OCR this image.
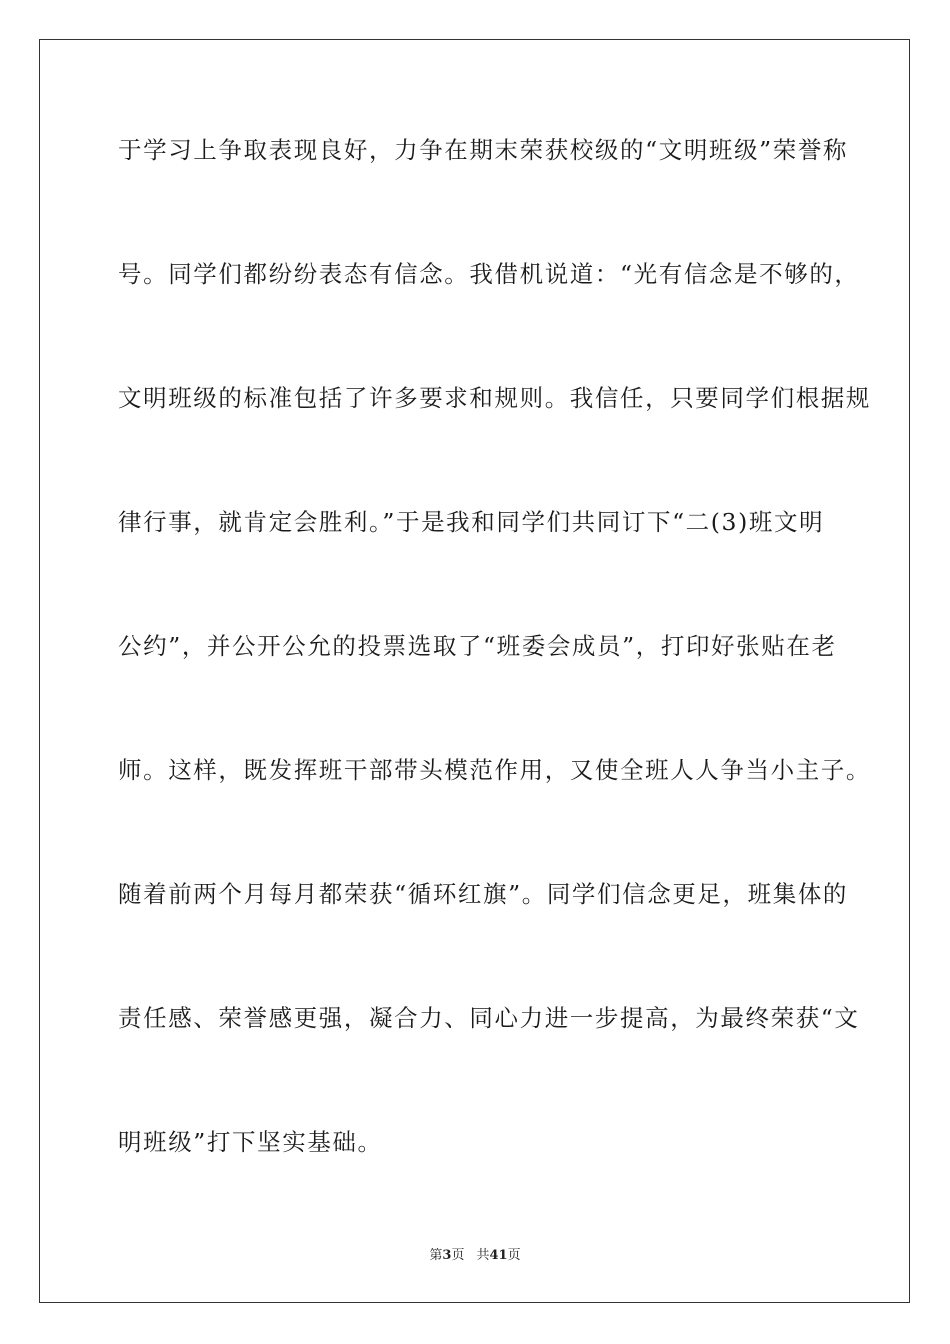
于学习上争取表现良好，力争在期末荣获校级的“文明班级”荣誉称
号。同学们都纷纷表态有信念。我借机说道：“光有信念是不够的，
文明班级的标准包括了许多要求和规则。我信任，只要同学们根据规
律行事，就肯定会胜利。”于是我和同学们共同订下“二(3)班文明
公约”，并公开公允的投票选取了“班委会成员”，打印好张贴在老
师。这样，既发挥班干部带头模范作用，又使全班人人争当小主子。
随着前两个月每月都荣获“循环红旗”。同学们信念更足，班集体的
责任感、荣誉感更强，凝合力、同心力进一步提高，为最终荣获“文
明班级”打下坚实基础。
第3页 共41页
